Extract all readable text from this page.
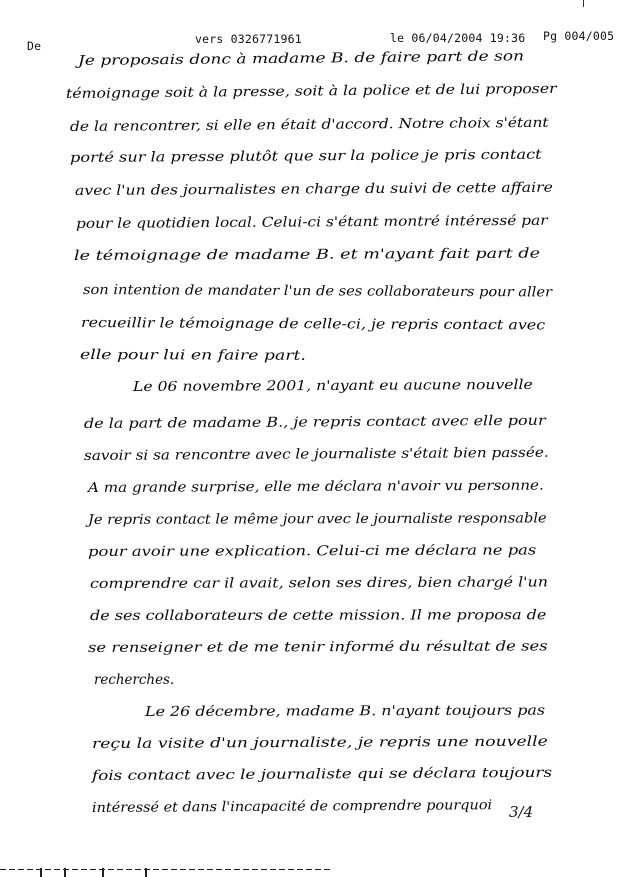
De	vers 0326771961	le 06/04/2004 19:36 Pg 004/005
Je proposais donc à madame B. de faire part de son
témoignage soit à la presse, soit à la police et de lui proposer
de la rencontrer, si elle en était d'accord. Notre choix s'étant
porté sur la presse plutôt que sur la police je pris contact
avec l'un des journalistes en charge du suivi de cette affaire
pour le quotidien local. Celui-ci s'étant montré intéressé par
le témoignage de madame B. et m'ayant fait part de
son intention de mandater l'un de ses collaborateurs pour aller
recueillir le témoignage de celle-ci, je repris contact avec
elle pour lui en faire part.
Le 06 novembre 2001, n'ayant eu aucune nouvelle
de la part de madame B., je repris contact avec elle pour
savoir si sa rencontre avec le journaliste s'était bien passée.
A ma grande surprise, elle me déclara n'avoir vu personne.
Je repris contact le même jour avec le journaliste responsable
pour avoir une explication. Celui-ci me déclara ne pas
comprendre car il avait, selon ses dires, bien chargé l'un
de ses collaborateurs de cette mission. Il me proposa de
se renseigner et de me tenir informé du résultat de ses
recherches.
Le 26 décembre, madame B. n'ayant toujours pas
reçu la visite d'un journaliste, je repris une nouvelle
fois contact avec le journaliste qui se déclara toujours
intéressé et dans l'incapacité de comprendre pourquoi 3/4
